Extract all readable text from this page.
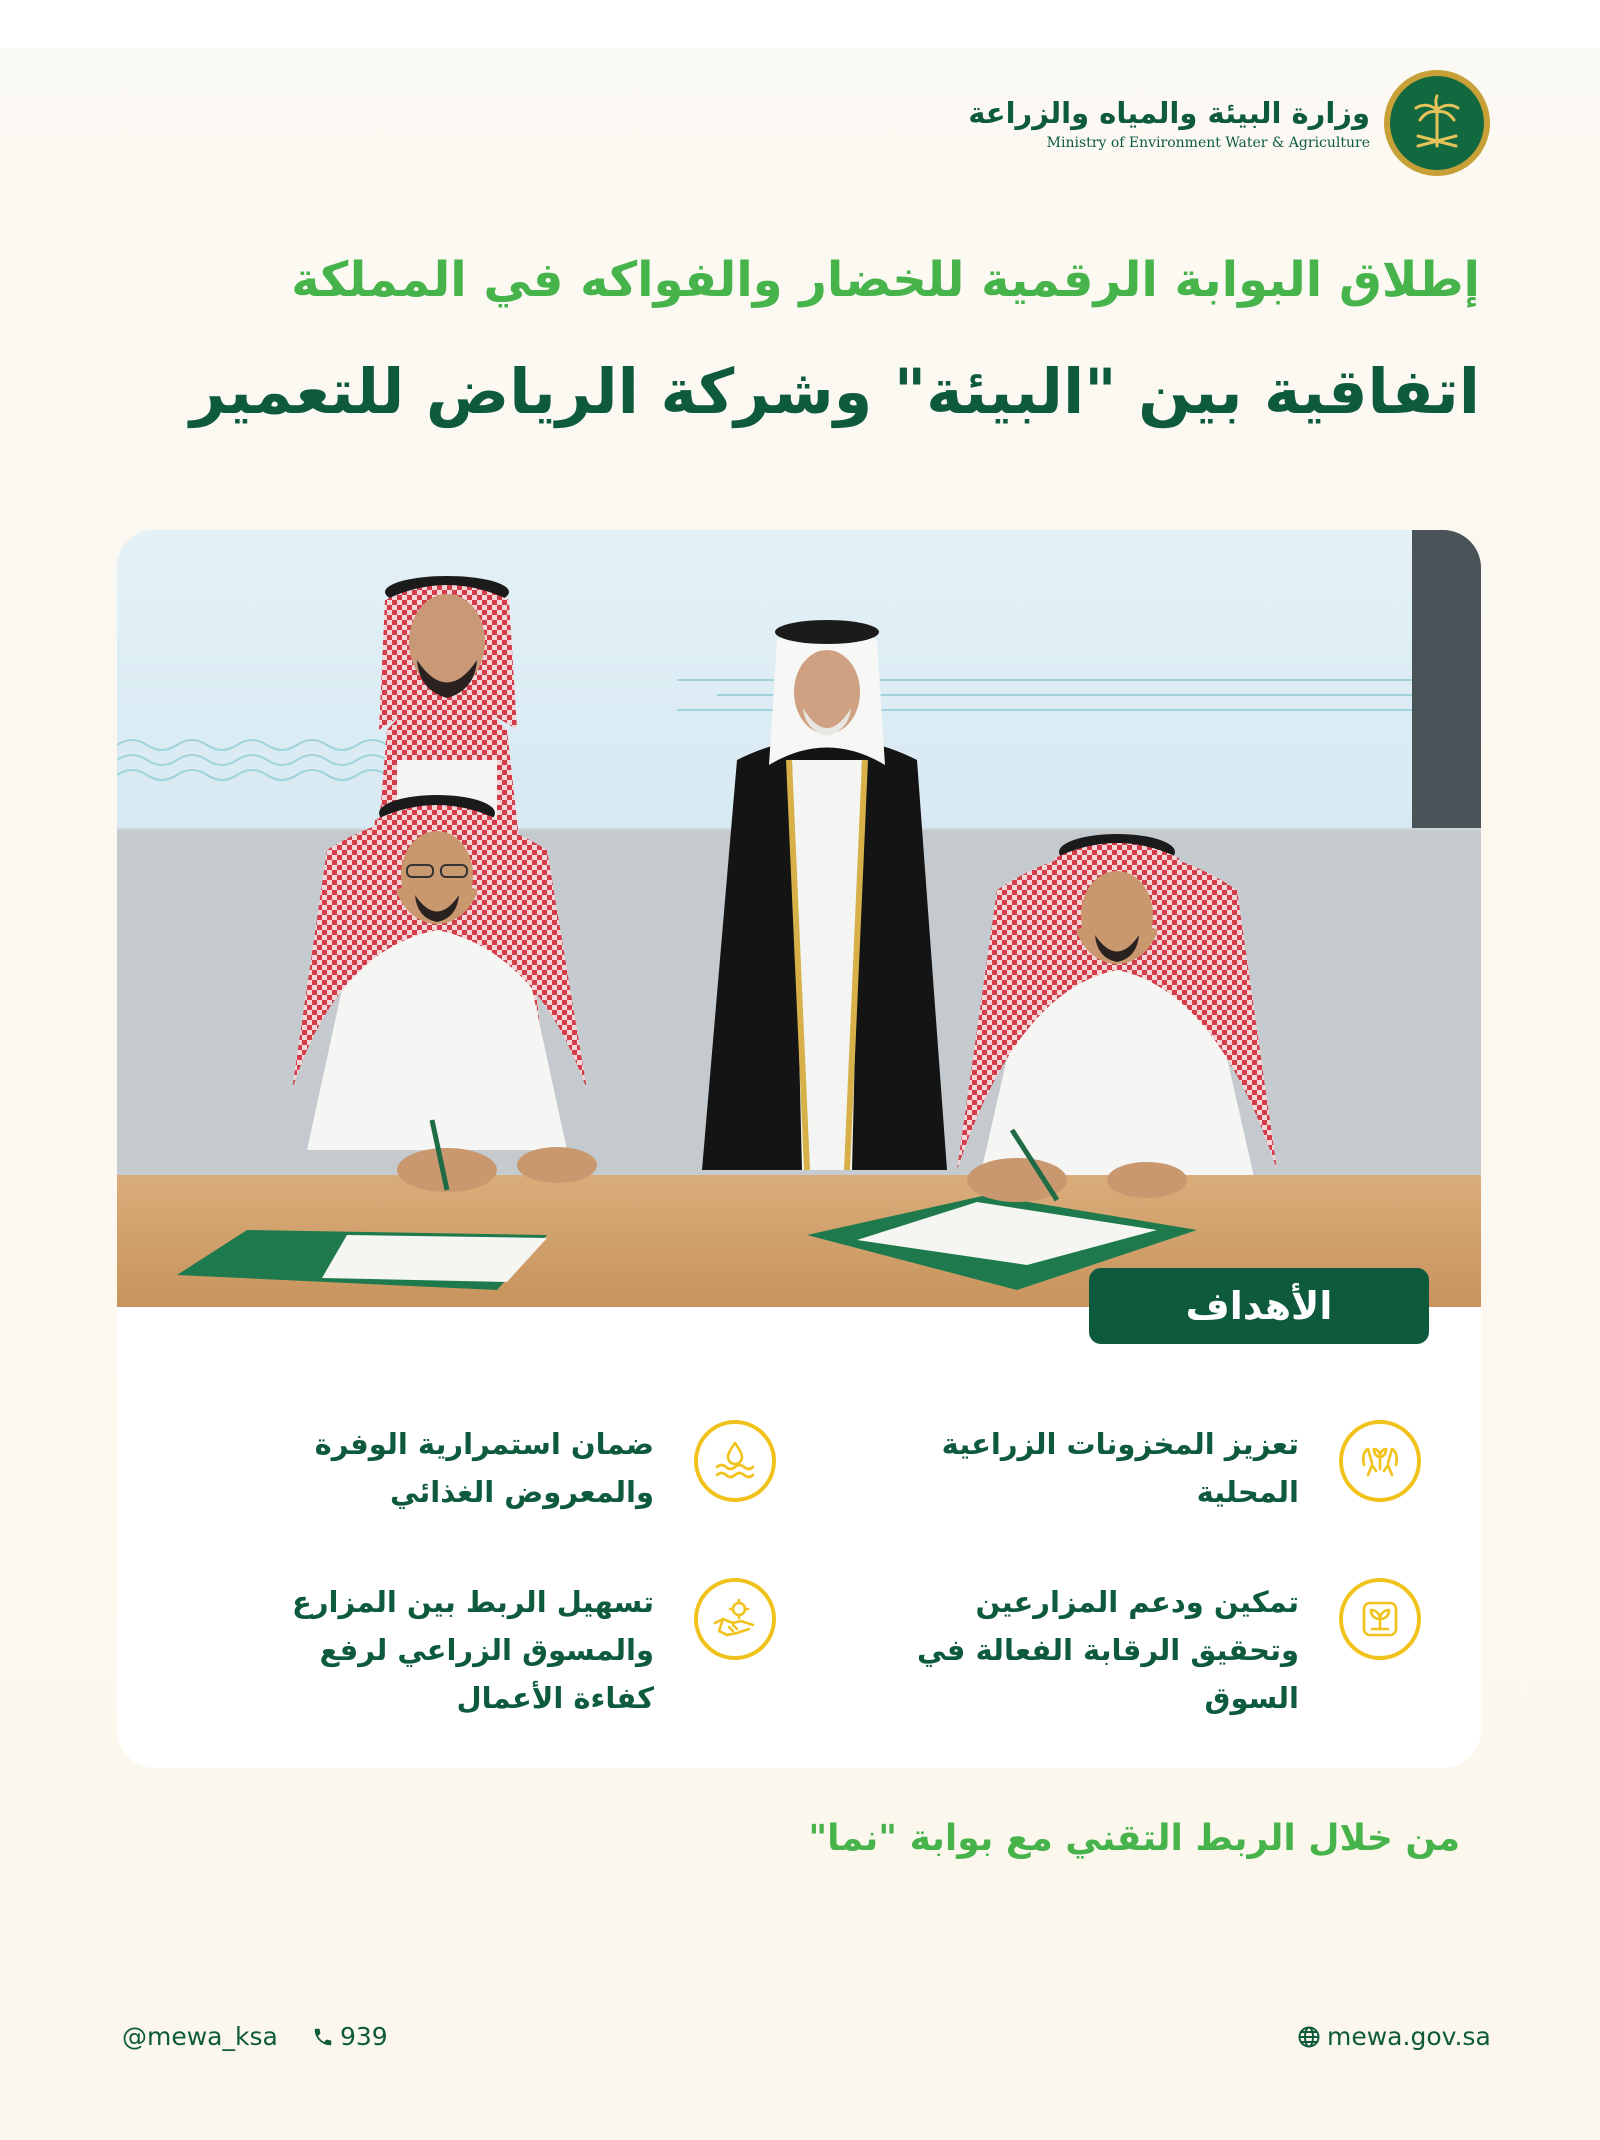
وزارة البيئة والمياه والزراعة
Ministry of Environment Water & Agriculture
إطلاق البوابة الرقمية للخضار والفواكه في المملكة
اتفاقية بين "البيئة" وشركة الرياض للتعمير
الأهداف
تعزيز المخزونات الزراعية المحلية
ضمان استمرارية الوفرة والمعروض الغذائي
تمكين ودعم المزارعين وتحقيق الرقابة الفعالة في السوق
تسهيل الربط بين المزارع والمسوق الزراعي لرفع كفاءة الأعمال
من خلال الربط التقني مع بوابة "نما"
@mewa_ksa 939	mewa.gov.sa
